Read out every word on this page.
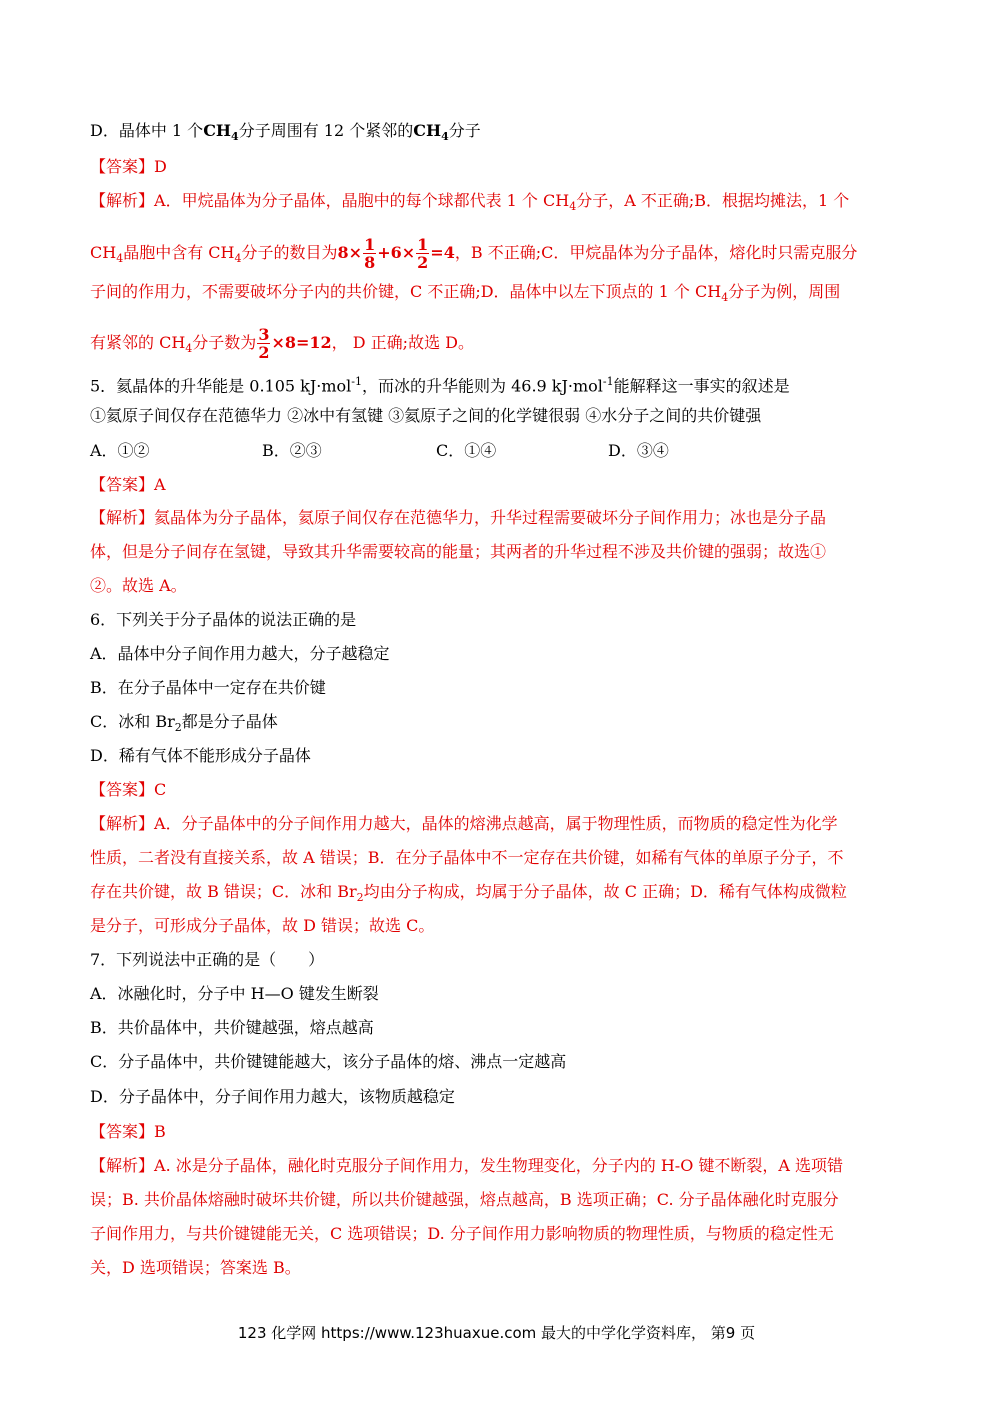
D．晶体中 1 个$CH_4$分子周围有 12 个紧邻的$CH_4$分子
【答案】D
【解析】A．甲烷晶体为分子晶体，晶胞中的每个球都代表 1 个 $CH_4$分子，A 不正确;B．根据均摊法，1 个
$CH_4$晶胞中含有 $CH_4$分子的数目为$8\times \frac{1}{8} +6\times \frac{1}{2} =4$，B 不正确;C．甲烷晶体为分子晶体，熔化时只需克服分
子间的作用力，不需要破坏分子内的共价键，C 不正确;D．晶体中以左下顶点的 1 个 $CH_4$分子为例，周围
有紧邻的 $CH_4$分子数为 $\frac{3}{2} \times 8=12$， D 正确;故选 D。
5．氦晶体的升华能是 0.105 kJ·mol$^{-1}$，而冰的升华能则为 46.9 kJ·mol$^{-1}$能解释这一事实的叙述是
①氦原子间仅存在范德华力 ②冰中有氢键 ③氦原子之间的化学键很弱 ④水分子之间的共价键强
A．①②	B．②③	C．①④	D．③④
【答案】A
【解析】氦晶体为分子晶体，氦原子间仅存在范德华力，升华过程需要破坏分子间作用力；冰也是分子晶
体，但是分子间存在氢键，导致其升华需要较高的能量；其两者的升华过程不涉及共价键的强弱；故选①
②。故选 A。
6．下列关于分子晶体的说法正确的是
A．晶体中分子间作用力越大，分子越稳定
B．在分子晶体中一定存在共价键
C．冰和 $Br_2$都是分子晶体
D．稀有气体不能形成分子晶体
【答案】C
【解析】A．分子晶体中的分子间作用力越大，晶体的熔沸点越高，属于物理性质，而物质的稳定性为化学
性质，二者没有直接关系，故 A 错误；B．在分子晶体中不一定存在共价键，如稀有气体的单原子分子，不
存在共价键，故 B 错误；C．冰和 $Br_2$均由分子构成，均属于分子晶体，故 C 正确；D．稀有气体构成微粒
是分子，可形成分子晶体，故 D 错误；故选 C。
7．下列说法中正确的是（　　）
A．冰融化时，分子中 H—O 键发生断裂
B．共价晶体中，共价键越强，熔点越高
C．分子晶体中，共价键键能越大，该分子晶体的熔、沸点一定越高
D．分子晶体中，分子间作用力越大，该物质越稳定
【答案】B
【解析】A. 冰是分子晶体，融化时克服分子间作用力，发生物理变化，分子内的 H-O 键不断裂，A 选项错
误；B. 共价晶体熔融时破坏共价键，所以共价键越强，熔点越高，B 选项正确；C. 分子晶体融化时克服分
子间作用力，与共价键键能无关，C 选项错误；D. 分子间作用力影响物质的物理性质，与物质的稳定性无
关，D 选项错误；答案选 B。
123 化学网 https://www.123huaxue.com 最大的中学化学资料库， 第9 页
